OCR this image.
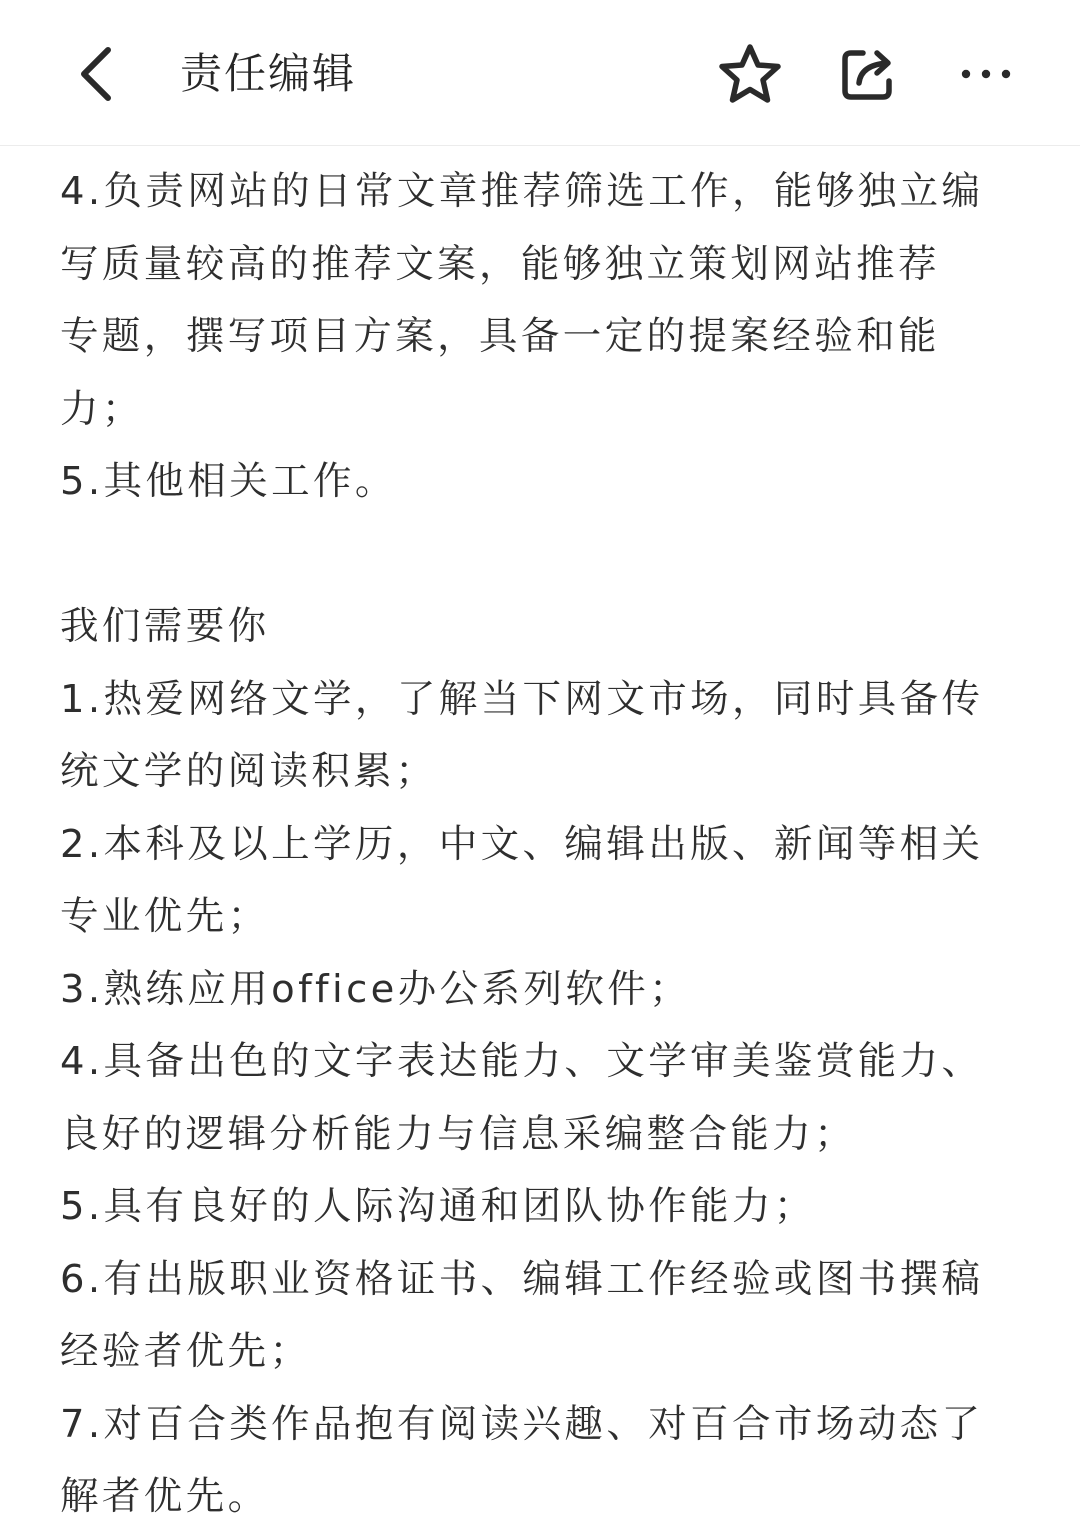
责任编辑
4.负责网站的日常文章推荐筛选工作，能够独立编
写质量较高的推荐文案，能够独立策划网站推荐
专题，撰写项目方案，具备一定的提案经验和能
力；
5.其他相关工作。
我们需要你
1.热爱网络文学，了解当下网文市场，同时具备传
统文学的阅读积累；
2.本科及以上学历，中文、编辑出版、新闻等相关
专业优先；
3.熟练应用office办公系列软件；
4.具备出色的文字表达能力、文学审美鉴赏能力、
良好的逻辑分析能力与信息采编整合能力；
5.具有良好的人际沟通和团队协作能力；
6.有出版职业资格证书、编辑工作经验或图书撰稿
经验者优先；
7.对百合类作品抱有阅读兴趣、对百合市场动态了
解者优先。
